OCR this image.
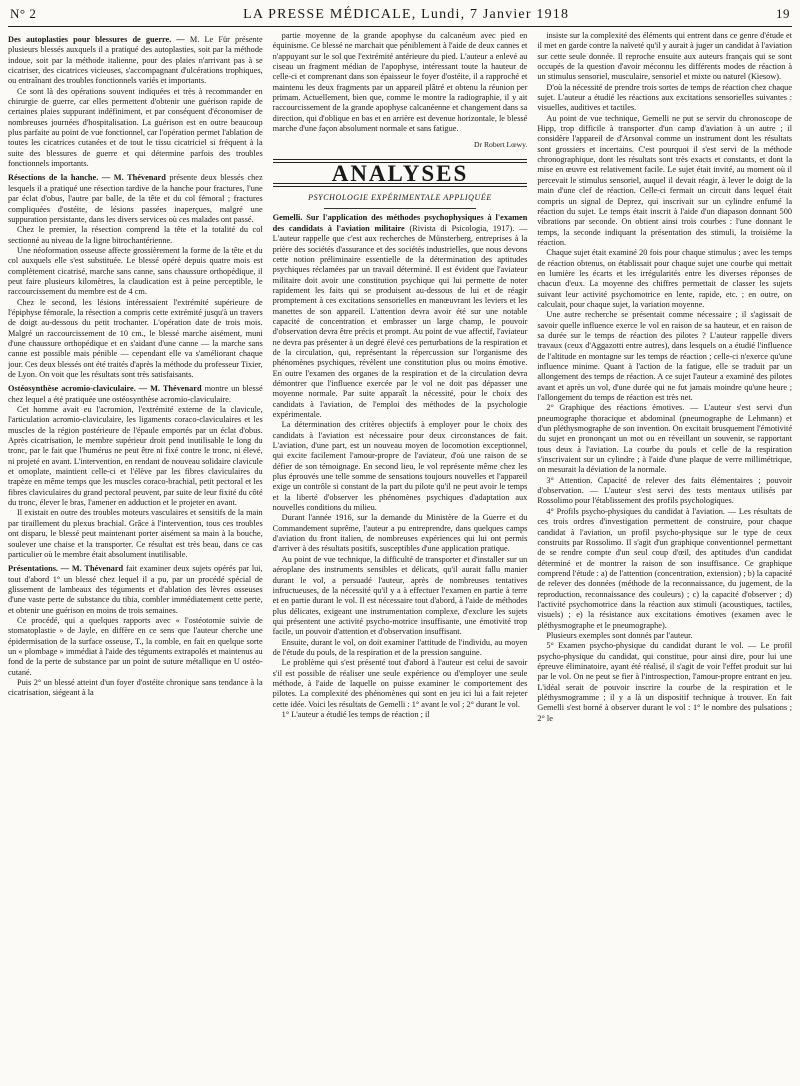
N° 2	LA PRESSE MÉDICALE, Lundi, 7 Janvier 1918	19

Des autoplasties pour blessures de guerre. — M. Le Für présente plusieurs blessés auxquels il a pratiqué des autoplasties, soit par la méthode indoue, soit par la méthode italienne, pour des plaies n'arrivant pas à se cicatriser, des cicatrices vicieuses, s'accompagnant d'ulcérations trophiques, ou entraînant des troubles fonctionnels variés et importants.

Ce sont là des opérations souvent indiquées et très à recommander en chirurgie de guerre, car elles permettent d'obtenir une guérison rapide de certaines plaies suppurant indéfiniment, et par conséquent d'économiser de nombreuses journées d'hospitalisation. La guérison est en outre beaucoup plus parfaite au point de vue fonctionnel, car l'opération permet l'ablation de toutes les cicatrices cutanées et de tout le tissu cicatriciel si fréquent à la suite des blessures de guerre et qui détermine parfois des troubles fonctionnels importants.

Résections de la hanche. — M. Thévenard présente deux blessés chez lesquels il a pratiqué une résection tardive de la hanche pour fractures, l'une par éclat d'obus, l'autre par balle, de la tête et du col fémoral ; fractures compliquées d'ostéite, de lésions passées inaperçues, malgré une suppuration persistante, dans les divers services où ces malades ont passé.

Chez le premier, la résection comprend la tête et la totalité du col sectionné au niveau de la ligne bitrochantérienne.

Une néoformation osseuse affecte grossièrement la forme de la tête et du col auxquels elle s'est substituée. Le blessé opéré depuis quatre mois est complètement cicatrisé, marche sans canne, sans chaussure orthopédique, il peut faire plusieurs kilomètres, la claudication est à peine perceptible, le raccourcissement du membre est de 4 cm.

Chez le second, les lésions intéressaient l'extrémité supérieure de l'épiphyse fémorale, la résection a compris cette extrémité jusqu'à un travers de doigt au-dessous du petit trochanter. L'opération date de trois mois. Malgré un raccourcissement de 10 cm., le blessé marche aisément, muni d'une chaussure orthopédique et en s'aidant d'une canne — la marche sans canne est possible mais pénible — cependant elle va s'améliorant chaque jour. Ces deux blessés ont été traités d'après la méthode du professeur Tixier, de Lyon. On voit que les résultats sont très satisfaisants.

Ostéosynthèse acromio-claviculaire. — M. Thévenard montre un blessé chez lequel a été pratiquée une ostéosynthèse acromio-claviculaire.

Cet homme avait eu l'acromion, l'extrémité externe de la clavicule, l'articulation acromio-claviculaire, les ligaments coraco-claviculaires et les muscles de la région postérieure de l'épaule emportés par un éclat d'obus. Après cicatrisation, le membre supérieur droit pend inutilisable le long du tronc, par le fait que l'humérus ne peut être ni fixé contre le tronc, ni élevé, ni projeté en avant. L'intervention, en rendant de nouveau solidaire clavicule et omoplate, maintient celle-ci et l'élève par les fibres claviculaires du trapèze en même temps que les muscles coraco-brachial, petit pectoral et les fibres claviculaires du grand pectoral peuvent, par suite de leur fixité du côté du tronc, élever le bras, l'amener en adduction et le projeter en avant.

Il existait en outre des troubles moteurs vasculaires et sensitifs de la main par tiraillement du plexus brachial. Grâce à l'intervention, tous ces troubles ont disparu, le blessé peut maintenant porter aisément sa main à la bouche, soulever une chaise et la transporter. Ce résultat est très beau, dans ce cas particulier où le membre était absolument inutilisable.

Présentations. — M. Thévenard fait examiner deux sujets opérés par lui, tout d'abord 1° un blessé chez lequel il a pu, par un procédé spécial de glissement de lambeaux des téguments et d'ablation des lèvres osseuses d'une vaste perte de substance du tibia, combler immédiatement cette perte, et obtenir une guérison en moins de trois semaines.

Ce procédé, qui a quelques rapports avec « l'ostéotomie suivie de stomatoplastie » de Jayle, en diffère en ce sens que l'auteur cherche une épidermisation de la surface osseuse, T., la comble, en fait en quelque sorte un « plombage » immédiat à l'aide des téguments extrapolés et maintenus au fond de la perte de substance par un point de suture métallique en U ostéo-cutané.

Puis 2° un blessé atteint d'un foyer d'ostéite chronique sans tendance à la cicatrisation, siégeant à la

partie moyenne de la grande apophyse du calcanéum avec pied en équinisme. Ce blessé ne marchait que péniblement à l'aide de deux cannes et n'appuyant sur le sol que l'extrémité antérieure du pied. L'auteur a enlevé au ciseau un fragment médian de l'apophyse, intéressant toute la hauteur de celle-ci et comprenant dans son épaisseur le foyer d'ostéite, il a rapproché et maintenu les deux fragments par un appareil plâtré et obtenu la réunion per primam. Actuellement, bien que, comme le montre la radiographie, il y ait raccourcissement de la grande apophyse calcanéenne et changement dans sa direction, qui d'oblique en bas et en arrière est devenue horizontale, le blessé marche d'une façon absolument normale et sans fatigue.

Dr Robert Lœwy.
ANALYSES
PSYCHOLOGIE EXPÉRIMENTALE APPLIQUÉE

Gemelli. Sur l'application des méthodes psychophysiques à l'examen des candidats à l'aviation militaire (Rivista di Psicologia, 1917). — L'auteur rappelle que c'est aux recherches de Münsterberg, entreprises à la prière des sociétés d'assurance et des sociétés industrielles, que nous devons cette notion préliminaire essentielle de la détermination des aptitudes psychiques réclamées par un travail déterminé. Il est évident que l'aviateur militaire doit avoir une constitution psychique qui lui permette de noter rapidement les faits qui se produisent au-dessous de lui et de réagir promptement à ces excitations sensorielles en manœuvrant les leviers et les manettes de son appareil. L'attention devra avoir été sur une notable capacité de concentration et embrasser un large champ, le pouvoir d'observation devra être précis et prompt. Au point de vue affectif, l'aviateur ne devra pas présenter à un degré élevé ces perturbations de la respiration et de la circulation, qui, représentant la répercussion sur l'organisme des phénomènes psychiques, révèlent une constitution plus ou moins émotive. En outre l'examen des organes de la respiration et de la circulation devra démontrer que l'influence exercée par le vol ne doit pas dépasser une moyenne normale. Par suite apparaît la nécessité, pour le choix des candidats à l'aviation, de l'emploi des méthodes de la psychologie expérimentale.

La détermination des critères objectifs à employer pour le choix des candidats à l'aviation est nécessaire pour deux circonstances de fait. L'aviation, d'une part, est un nouveau moyen de locomotion exceptionnel, qui excite facilement l'amour-propre de l'aviateur, d'où une raison de se défier de son témoignage. En second lieu, le vol représente même chez les plus éprouvés une telle somme de sensations toujours nouvelles et l'appareil exige un contrôle si constant de la part du pilote qu'il ne peut avoir le temps et la liberté d'observer les phénomènes psychiques d'adaptation aux nouvelles conditions du milieu.

Durant l'année 1916, sur la demande du Ministère de la Guerre et du Commandement suprême, l'auteur a pu entreprendre, dans quelques camps d'aviation du front italien, de nombreuses expériences qui lui ont permis d'arriver à des résultats positifs, susceptibles d'une application pratique.

Au point de vue technique, la difficulté de transporter et d'installer sur un aéroplane des instruments sensibles et délicats, qu'il aurait fallu manier durant le vol, a persuadé l'auteur, après de nombreuses tentatives infructueuses, de la nécessité qu'il y a à effectuer l'examen en partie à terre et en partie durant le vol. Il est nécessaire tout d'abord, à l'aide de méthodes plus délicates, exigeant une instrumentation complexe, d'exclure les sujets qui présentent une activité psycho-motrice insuffisante, une émotivité trop facile, un pouvoir d'attention et d'observation insuffisant.

Ensuite, durant le vol, on doit examiner l'attitude de l'individu, au moyen de l'étude du pouls, de la respiration et de la pression sanguine.

Le problème qui s'est présenté tout d'abord à l'auteur est celui de savoir s'il est possible de réaliser une seule expérience ou d'employer une seule méthode, à l'aide de laquelle on puisse examiner le comportement des pilotes. La complexité des phénomènes qui sont en jeu ici lui a fait rejeter cette idée. Voici les résultats de Gemelli : 1° avant le vol ; 2° durant le vol.

1° L'auteur a étudié les temps de réaction ; il

insiste sur la complexité des éléments qui entrent dans ce genre d'étude et il met en garde contre la naïveté qu'il y aurait à juger un candidat à l'aviation sur cette seule donnée. Il reproche ensuite aux auteurs français qui se sont occupés de la question d'avoir méconnu les différents modes de réaction à un stimulus sensoriel, musculaire, sensoriel et mixte ou naturel (Kiesow).

D'où la nécessité de prendre trois sortes de temps de réaction chez chaque sujet. L'auteur a étudié les réactions aux excitations sensorielles suivantes : visuelles, auditives et tactiles.

Au point de vue technique, Gemelli ne put se servir du chronoscope de Hipp, trop difficile à transporter d'un camp d'aviation à un autre ; il considère l'appareil de d'Arsonval comme un instrument dont les résultats sont grossiers et incertains. C'est pourquoi il s'est servi de la méthode chronographique, dont les résultats sont très exacts et constants, et dont la mise en œuvre est relativement facile. Le sujet était invité, au moment où il percevait le stimulus sensoriel, auquel il devait réagir, à lever le doigt de la main d'une clef de réaction. Celle-ci fermait un circuit dans lequel était compris un signal de Deprez, qui inscrivait sur un cylindre enfumé la réaction du sujet. Le temps était inscrit à l'aide d'un diapason donnant 500 vibrations par seconde. On obtient ainsi trois courbes : l'une donnant le temps, la seconde indiquant la présentation des stimuli, la troisième la réaction.

Chaque sujet était examiné 20 fois pour chaque stimulus ; avec les temps de réaction obtenus, on établissait pour chaque sujet une courbe qui mettait en lumière les écarts et les irrégularités entre les diverses réponses de chacun d'eux. La moyenne des chiffres permettait de classer les sujets suivant leur activité psychomotrice en lente, rapide, etc. ; en outre, on calculait, pour chaque sujet, la variation moyenne.

Une autre recherche se présentait comme nécessaire ; il s'agissait de savoir quelle influence exerce le vol en raison de sa hauteur, et en raison de sa durée sur le temps de réaction des pilotes ? L'auteur rappelle divers travaux (ceux d'Aggazotti entre autres), dans lesquels on a étudié l'influence de l'altitude en montagne sur les temps de réaction ; celle-ci n'exerce qu'une influence minime. Quant à l'action de la fatigue, elle se traduit par un allongement des temps de réaction. A ce sujet l'auteur a examiné des pilotes avant et après un vol, d'une durée qui ne fut jamais moindre qu'une heure ; l'allongement du temps de réaction est très net.

2° Graphique des réactions émotives. — L'auteur s'est servi d'un pneumographe thoracique et abdominal (pneumographe de Lehmann) et d'un pléthysmographe de son invention. On excitait brusquement l'émotivité du sujet en prononçant un mot ou en réveillant un souvenir, se rapportant tous deux à l'aviation. La courbe du pouls et celle de la respiration s'inscrivaient sur un cylindre ; à l'aide d'une plaque de verre millimétrique, on mesurait la déviation de la normale.

3° Attention. Capacité de relever des faits élémentaires ; pouvoir d'observation. — L'auteur s'est servi des tests mentaux utilisés par Rossolimo pour l'établissement des profils psychologiques.

4° Profils psycho-physiques du candidat à l'aviation. — Les résultats de ces trois ordres d'investigation permettent de construire, pour chaque candidat à l'aviation, un profil psycho-physique sur le type de ceux construits par Rossolimo. Il s'agit d'un graphique conventionnel permettant de se rendre compte d'un seul coup d'œil, des aptitudes d'un candidat déterminé et de montrer la raison de son insuffisance. Ce graphique comprend l'étude : a) de l'attention (concentration, extension) ; b) la capacité de relever des données (méthode de la reconnaissance, du jugement, de la reproduction, reconnaissance des couleurs) ; c) la capacité d'observer ; d) l'activité psychomotrice dans la réaction aux stimuli (acoustiques, tactiles, visuels) ; e) la résistance aux excitations émotives (examen avec le pléthysmographe et le pneumographe).

Plusieurs exemples sont donnés par l'auteur.

5° Examen psycho-physique du candidat durant le vol. — Le profil psycho-physique du candidat, qui constitue, pour ainsi dire, pour lui une épreuve éliminatoire, ayant été réalisé, il s'agit de voir l'effet produit sur lui par le vol. On ne peut se fier à l'introspection, l'amour-propre entrant en jeu. L'idéal serait de pouvoir inscrire la courbe de la respiration et le pléthysmogramme ; il y a là un dispositif technique à trouver. En fait Gemelli s'est borné à observer durant le vol : 1° le nombre des pulsations ; 2° le
